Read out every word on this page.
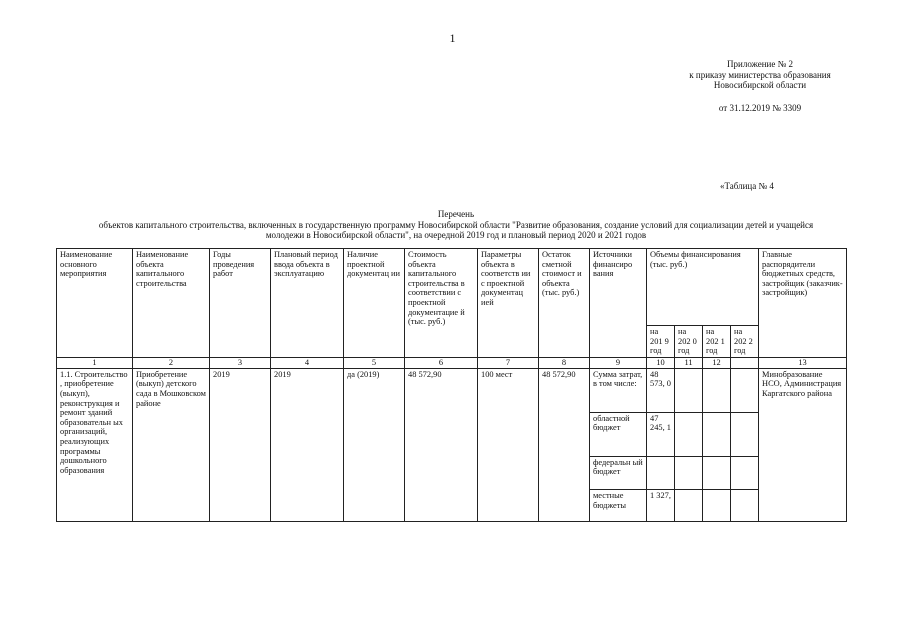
1
Приложение № 2
к приказу министерства образования
Новосибирской области
от 31.12.2019 № 3309
«Таблица № 4
Перечень
объектов капитального строительства, включенных в государственную программу Новосибирской области "Развитие образования, создание условий для социализации детей и учащейся
молодежи в Новосибирской области", на очередной 2019 год и плановый период 2020 и 2021 годов
Наименование основного мероприятия	Наименование объекта капитального строительства	Годы проведения работ	Плановый период ввода объекта в эксплуатацию	Наличие проектной документац ии	Стоимость объекта капитального строительства в соответствии с проектной документацие й (тыс. руб.)	Параметры объекта в соответств ии с проектной документац ией	Остаток сметной стоимост и объекта (тыс. руб.)	Источники финансиро вания	Объемы финансирования (тыс. руб.)				Главные распорядители бюджетных средств, застройщик (заказчик-застройщик)
									на 201 9 год	на 202 0 год	на 202 1 год	на 202 2 год	
1	2	3	4	5	6	7	8	9	10	11	12		13
1.1. Строительство , приобретение (выкуп), реконструкция и ремонт зданий образовательн ых организаций, реализующих программы дошкольного образования	Приобретение (выкуп) детского сада в Мошковском районе	2019	2019	да (2019)	48 572,90	100 мест	48 572,90	Сумма затрат, в том числе:	48 573, 0				Минобразование НСО, Администрация Каргатского района
								областной бюджет	47 245, 1				
								федеральн ый бюджет					
								местные бюджеты	1 327,				
